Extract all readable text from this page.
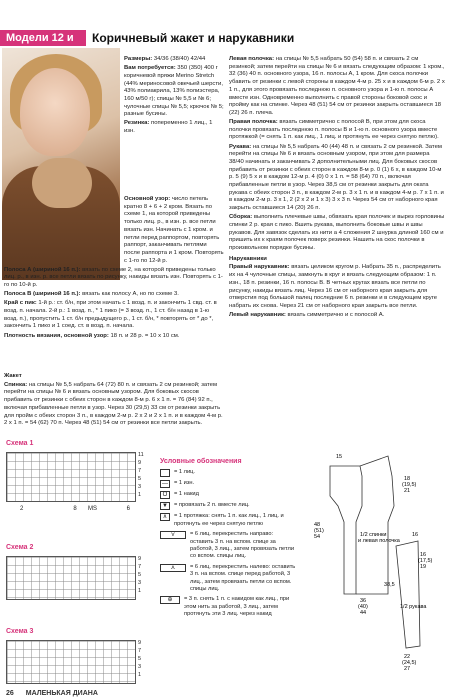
Модели 12 и	Коричневый жакет и нарукавники

Размеры: 34/36 (38/40) 42/44

Вам потребуется: 350 (350) 400 г коричневой пряжи Merino Stretch (44% мериносовой овечьей шерсти, 43% полиакрила, 13% полиэстера, 160 м/50 г); спицы № 5,5 и № 6; чулочные спицы № 5,5; крючок № 5; разные бусины.

Резинка: попеременно 1 лиц., 1 изн.

Основной узор: число петель кратно 8 + 6 + 2 кром. Вязать по схеме 1, на которой приведены только лиц. р., в изн. р. все петли вязать изн. Начинать с 1 кром. и петли перед раппортом, повторять раппорт, заканчивать петлями после раппорта и 1 кром. Повторять с 1-го по 12-й р.

Полоса А (шириной 16 п.): вязать по схеме 2, на которой приведены только лиц. р., в изн. р. все петли вязать по рисунку, накиды вязать изн. Повторять с 1-го по 10-й р.

Полоса В (шириной 16 п.): вязать как полосу А, но по схеме 3.

Край с пик: 1-й р.: ст. б/н, при этом начать с 1 возд. п. и закончить 1 свд. ст. в возд. п. начала. 2-й р.: 1 возд. п., * 1 пико (= 3 возд. п., 1 ст. б/н назад в 1-ю возд. п.), пропустить 1 ст. б/н предыдущего р., 1 ст. б/н, * повторять от * до *, закончить 1 пико и 1 соед. ст. в возд. п. начала.

Плотность вязания, основной узор: 18 п. и 28 р. = 10 х 10 см.

Жакет

Спинка: на спицы № 5,5 набрать 64 (72) 80 п. и связать 2 см резинкой; затем перейти на спицы № 6 и вязать основным узором. Для боковых скосов прибавить от резинки с обеих сторон в каждом 8-м р. 6 х 1 п. = 76 (84) 92 п., включая прибавленные петли в узор. Через 30 (29,5) 33 см от резинки закрыть для пройм с обеих сторон 3 п., в каждом 2-м р. 2 х 2 и 2 х 1 п. и в каждом 4-м р. 2 х 1 п. = 54 (62) 70 п. Через 48 (51) 54 см от резинки все петли закрыть.

Левая полочка: на спицы № 5,5 набрать 50 (54) 58 п. и связать 2 см резинкой; затем перейти на спицы № 6 и вязать следующим образом: 1 кром., 32 (36) 40 п. основного узора, 16 п. полосы А, 1 кром. Для скоса полочки убавить от резинки с левой стороны в каждом 4-м р. 25 х и в каждом 6-м р. 2 х 1 п., для этого провязать последнюю п. основного узора и 1-ю п. полосы А вместе изн. Одновременно выполнить с правой стороны боковой скос и пройму как на спинке. Через 48 (51) 54 см от резинки закрыть оставшиеся 18 (22) 26 п. плеча.

Правая полочка: вязать симметрично с полосой В, при этом для скоса полочки провязать последнюю п. полосы В и 1-ю п. основного узора вместе протяжкой (= снять 1 п. как лиц., 1 лиц. и протянуть ее через снятую петлю).

Рукава: на спицы № 5,5 набрать 40 (44) 48 п. и связать 2 см резинкой. Затем перейти на спицы № 6 и вязать основным узором, при этом для размера 38/40 начинать и заканчивать 2 дополнительными лиц. Для боковых скосов прибавить от резинки с обеих сторон в каждом 8-м р. 0 (1) 6 х, в каждом 10-м р. 5 (9) 5 х и в каждом 12-м р. 4 (0) 0 х 1 п. = 58 (64) 70 п., включая прибавленные петли в узор. Через 38,5 см от резинки закрыть для оката рукава с обеих сторон 3 п., в каждом 2-м р. 3 х 1 п. и в каждом 4-м р. 7 х 1 п. и в каждом 2-м р. 3 х 1, 2 (2 х 2 и 1 х 3) 3 х 3 п. Через 54 см от наборного края закрыть оставшиеся 14 (20) 26 п.

Сборка: выполнить плечевые швы, обвязать края полочек и вырез горловины спинки 2 р. края с пико. Вшить рукава, выполнить боковые швы и швы рукавов. Для завязок сделать из нити а 4 сложения 2 шнурка длиной 160 см и пришить их к краям полочек поверх резинки. Нашить на скос полочки в произвольном порядке бусины.

Нарукавники

Правый нарукавник: вязать целиком кругом р. Набрать 35 п., распределить их на 4 чулочные спицы, замкнуть в круг и вязать следующим образом: 1 п. изн., 18 п. резинки, 16 п. полосы В. В четных кругах вязать все петли по рисунку, накиды вязать лиц. Через 16 см от наборного края закрыть для отверстия под большой палец последние 6 п. резинки и в следующем круге набрать их снова. Через 21 см от наборного края закрыть все петли.

Левый нарукавник: вязать симметрично и с полосой А.

Схема 1
11
9
7
5
3
1
MS
2	8	6
Схема 2
9
7
5
3
1
Схема 3
9
7
5
3
1
Условные обозначения
= 1 лиц.
—	= 1 изн.
O	= 1 накид
▼	= провязать 2 п. вместе лиц.
∧	= 1 протяжка: снять 1 п. как лиц., 1 лиц. и протянуть ее через снятую петлю
⋎	= 6 лиц. перекрестить направо: оставить 3 п. на вспом. спице за работой, 3 лиц., затем провязать петли со вспом. спицы лиц.
⋏	= 6 лиц. перекрестить налево: оставить 3 п. на вспом. спице перед работой, 3 лиц., затем провязать петли со вспом. спицы лиц.
⊕	= 3 п. снять 1 п. с накидом как лиц., при этом нить за работой, 3 лиц., затем протянуть эти 3 лиц. через накид
15
18
(19,5)
21
48
(51)
54	1/2 спинки
и левая полочка
36
(40)
44
16
16
(17,5)
19
38,5
1/2 рукава
22
(24,5)
27
26 МАЛЕНЬКАЯ ДИАНА
